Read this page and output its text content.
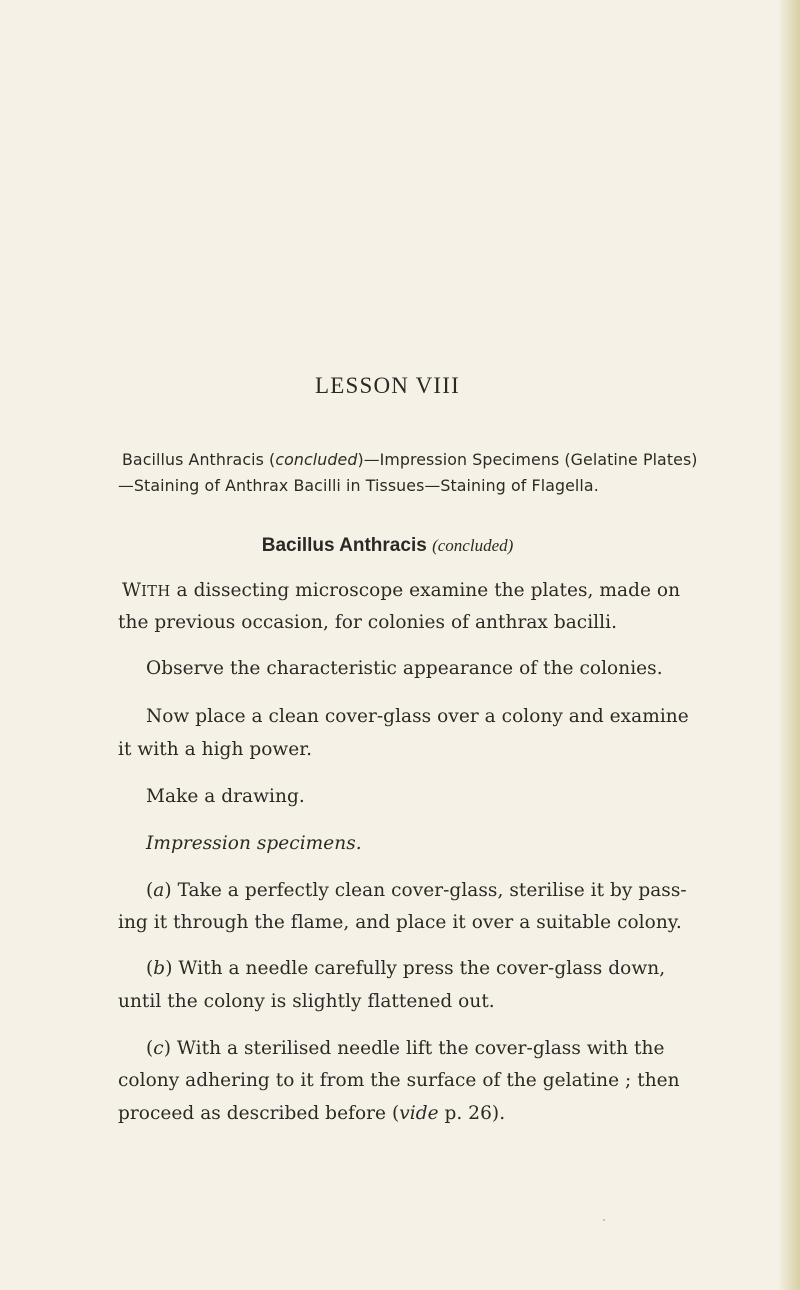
LESSON VIII
Bacillus Anthracis (concluded)—Impression Specimens (Gelatine Plates)
—Staining of Anthrax Bacilli in Tissues—Staining of Flagella.
Bacillus Anthracis (concluded)
WITH a dissecting microscope examine the plates, made on
the previous occasion, for colonies of anthrax bacilli.
Observe the characteristic appearance of the colonies.
Now place a clean cover-glass over a colony and examine
it with a high power.
Make a drawing.
Impression specimens.
(a) Take a perfectly clean cover-glass, sterilise it by pass-
ing it through the flame, and place it over a suitable colony.
(b) With a needle carefully press the cover-glass down,
until the colony is slightly flattened out.
(c) With a sterilised needle lift the cover-glass with the
colony adhering to it from the surface of the gelatine ; then
proceed as described before (vide p. 26).
